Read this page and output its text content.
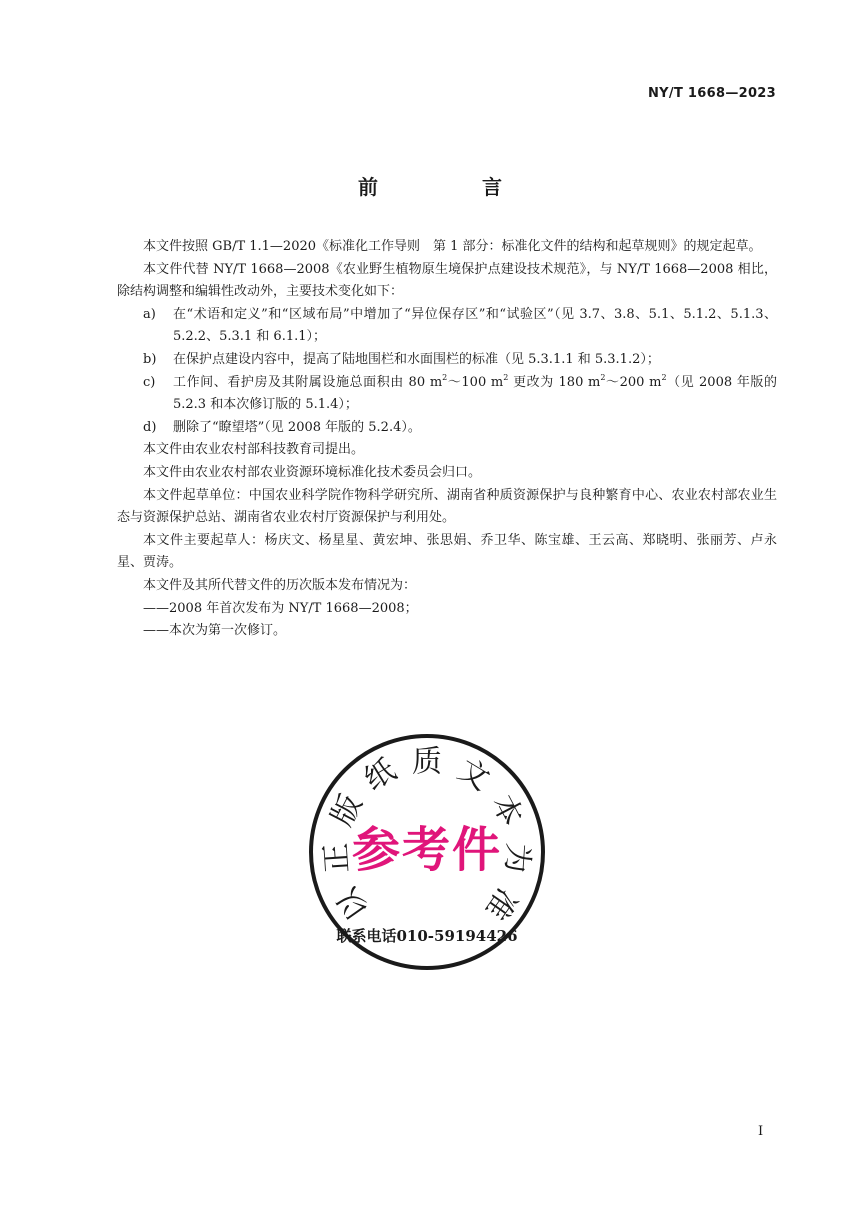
NY/T 1668—2023
前　言

本文件按照 GB/T 1.1—2020《标准化工作导则　第 1 部分：标准化文件的结构和起草规则》的规定起草。

本文件代替 NY/T 1668—2008《农业野生植物原生境保护点建设技术规范》，与 NY/T 1668—2008 相比，除结构调整和编辑性改动外，主要技术变化如下：

a) 在“术语和定义”和“区域布局”中增加了“异位保存区”和“试验区”（见 3.7、3.8、5.1、5.1.2、5.1.3、5.2.2、5.3.1 和 6.1.1）；

b) 在保护点建设内容中，提高了陆地围栏和水面围栏的标准（见 5.3.1.1 和 5.3.1.2）；

c) 工作间、看护房及其附属设施总面积由 80 $m^2\sim 100$ $m^2$ 更改为 180 $m^2\sim 200$ $m^2$（见 2008 年版的 5.2.3 和本次修订版的 5.1.4）；

d) 删除了“瞭望塔”（见 2008 年版的 5.2.4）。

本文件由农业农村部科技教育司提出。

本文件由农业农村部农业资源环境标准化技术委员会归口。

本文件起草单位：中国农业科学院作物科学研究所、湖南省种质资源保护与良种繁育中心、农业农村部农业生态与资源保护总站、湖南省农业农村厅资源保护与利用处。

本文件主要起草人：杨庆文、杨星星、黄宏坤、张思娟、乔卫华、陈宝雄、王云高、郑晓明、张丽芳、卢永星、贾涛。

本文件及其所代替文件的历次版本发布情况为：

——2008 年首次发布为 NY/T 1668—2008；

——本次为第一次修订。

以
正
版
纸 质 文
本
为
准
参考件
联系电话010-59194426
I
